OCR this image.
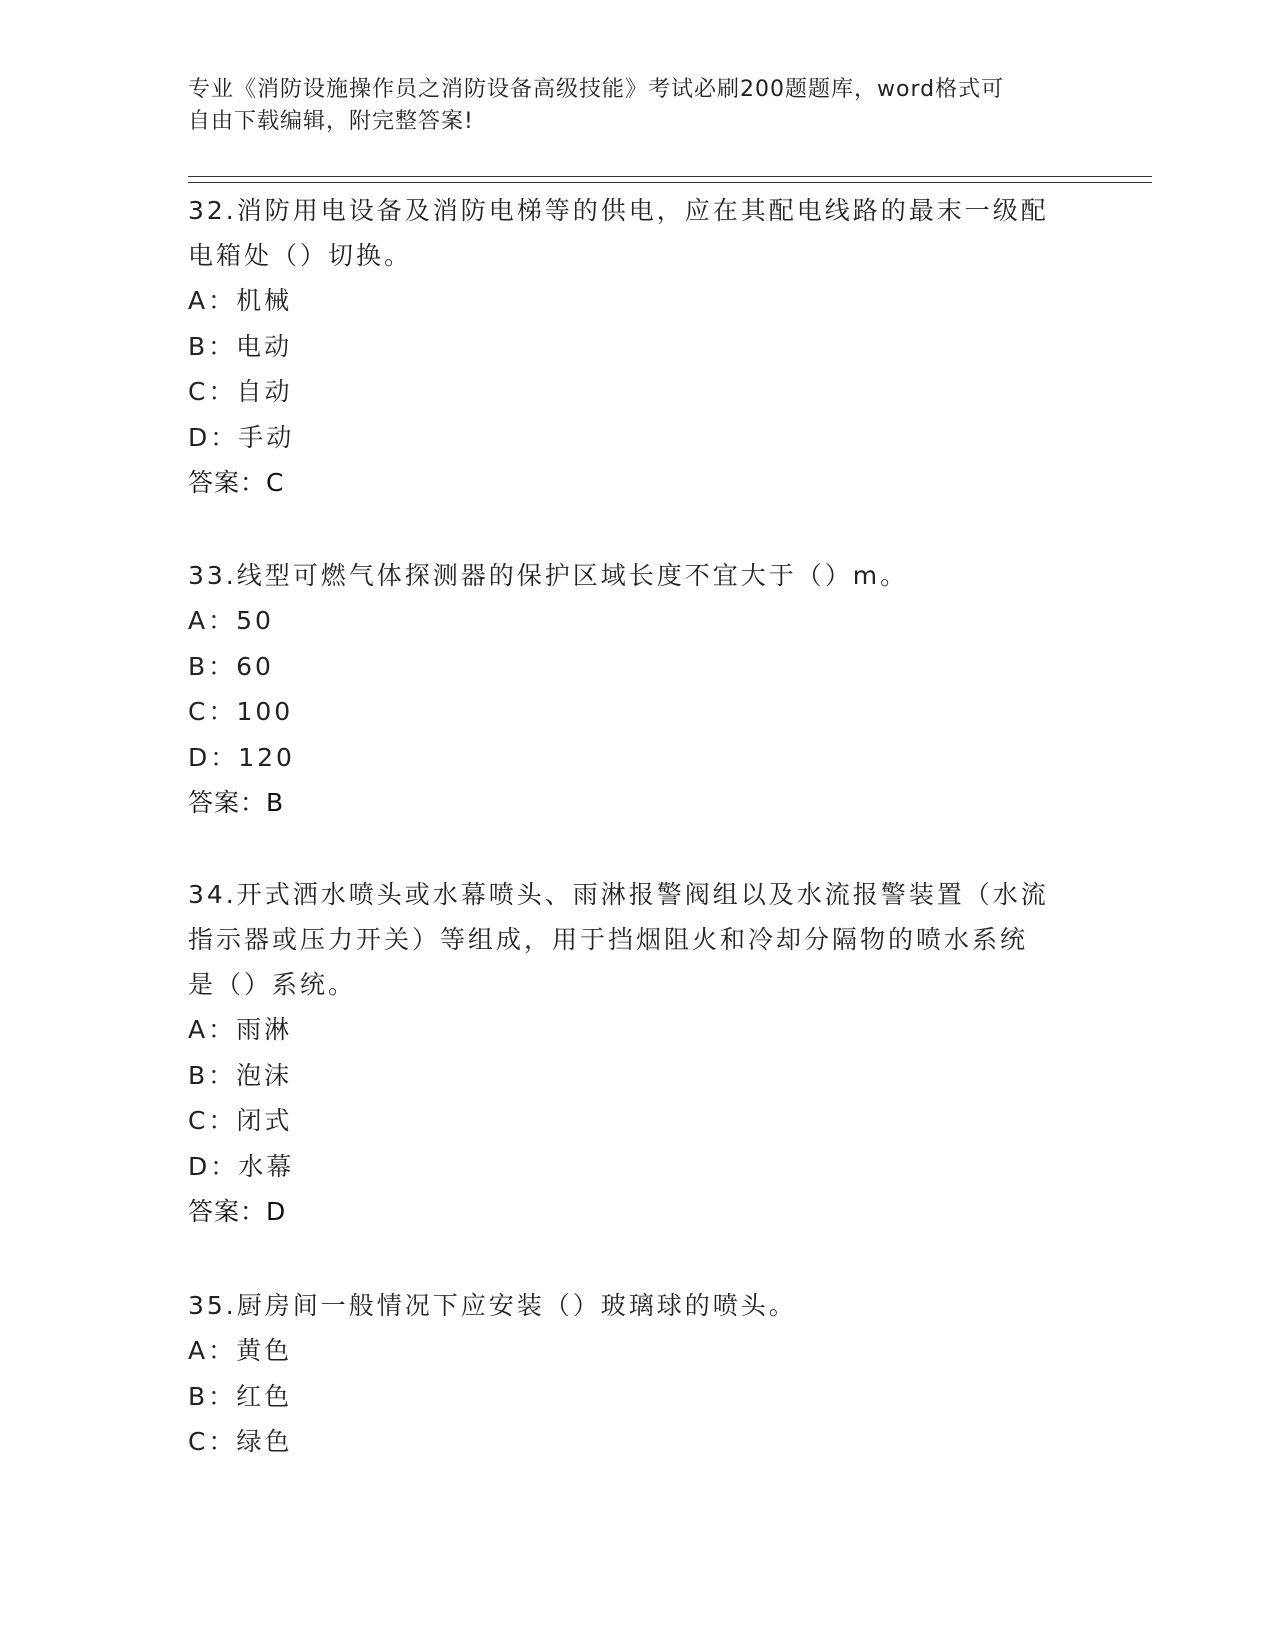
专业《消防设施操作员之消防设备高级技能》考试必刷200题题库，word格式可
自由下载编辑，附完整答案!

32.消防用电设备及消防电梯等的供电，应在其配电线路的最末一级配

电箱处（）切换。

A：机械

B：电动

C：自动

D：手动

答案：C

33.线型可燃气体探测器的保护区域长度不宜大于（）m。

A：50

B：60

C：100

D：120

答案：B

34.开式洒水喷头或水幕喷头、雨淋报警阀组以及水流报警装置（水流

指示器或压力开关）等组成，用于挡烟阻火和冷却分隔物的喷水系统

是（）系统。

A：雨淋

B：泡沫

C：闭式

D：水幕

答案：D

35.厨房间一般情况下应安装（）玻璃球的喷头。

A：黄色

B：红色

C：绿色
